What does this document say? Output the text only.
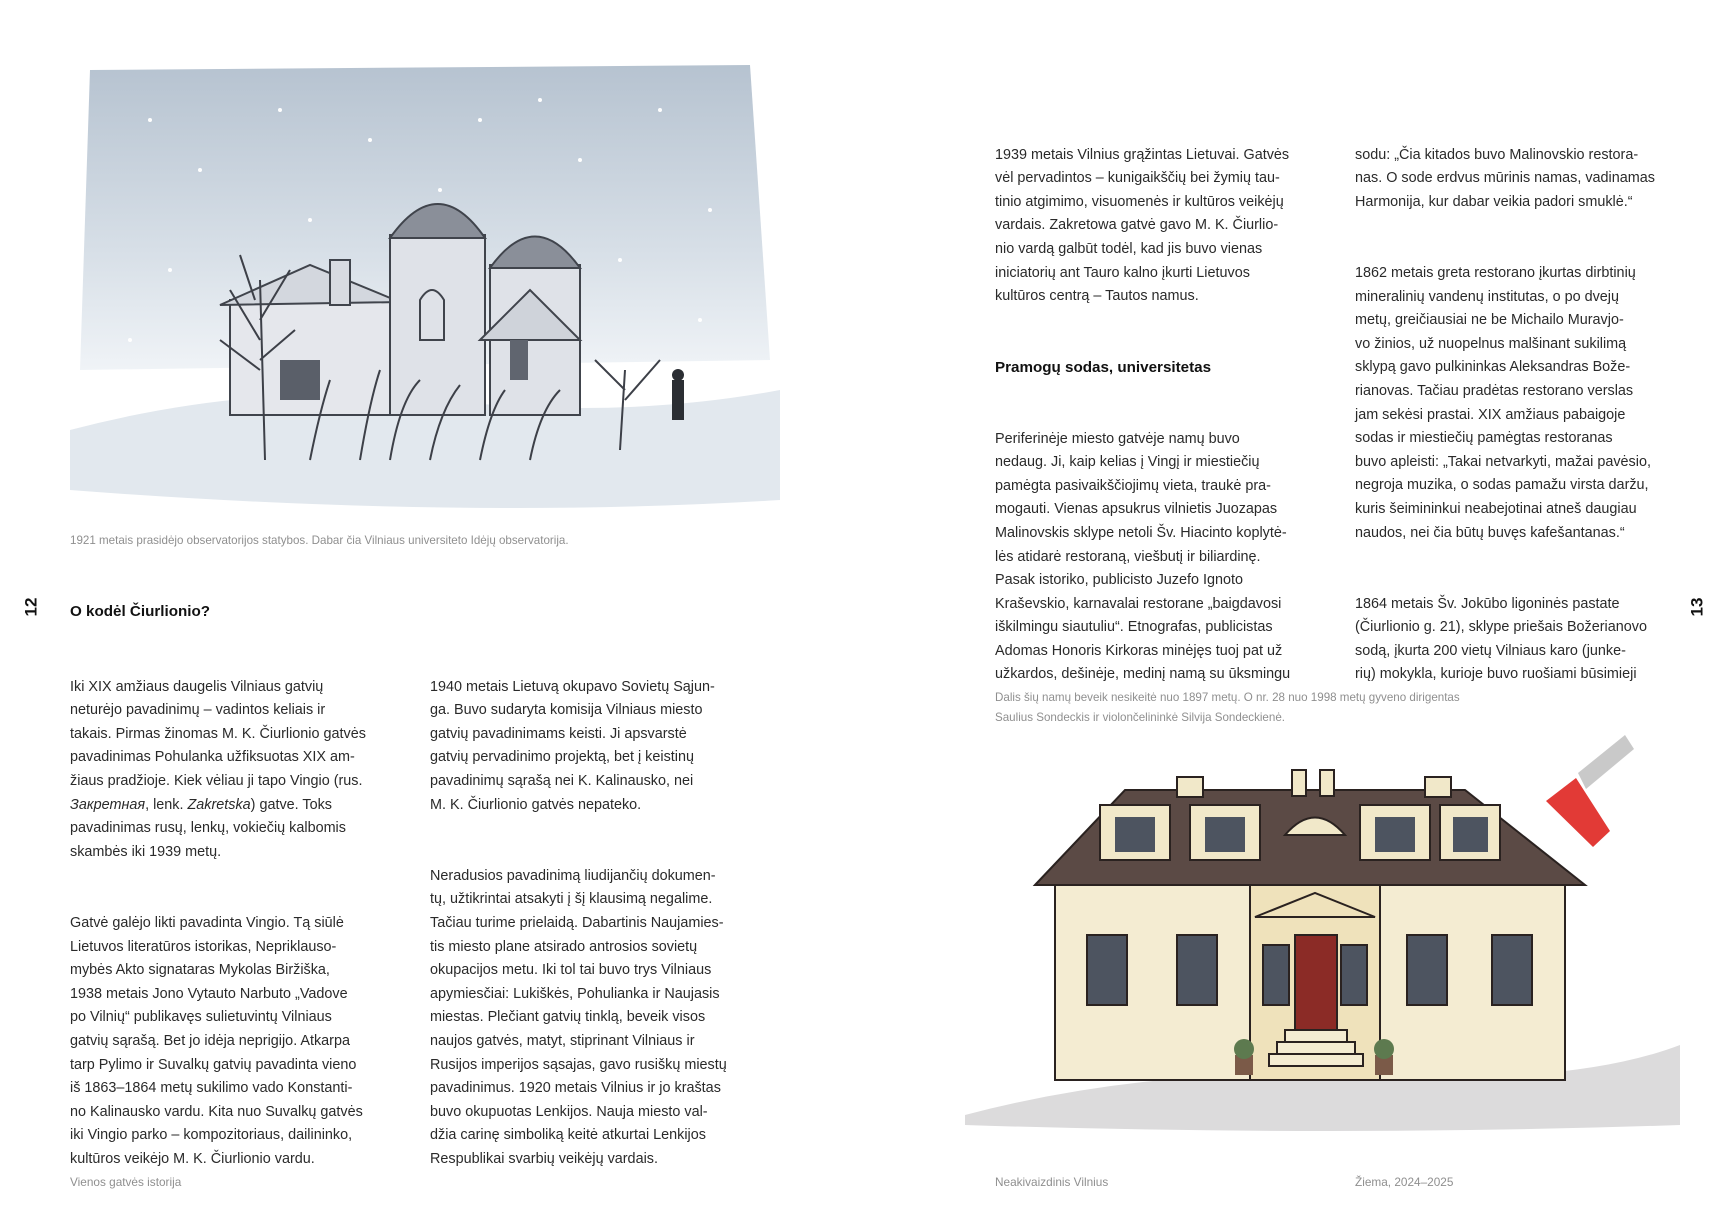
1921 metais prasidėjo observatorijos statybos. Dabar čia Vilniaus universiteto Idėjų observatorija.
12 O kodėl Čiurlionio?

Iki XIX amžiaus daugelis Vilniaus gatvių
neturėjo pavadinimų – vadintos keliais ir
takais. Pirmas žinomas M. K. Čiurlionio gatvės
pavadinimas Pohulanka užfiksuotas XIX am-
žiaus pradžioje. Kiek vėliau ji tapo Vingio (rus.
Закретная, lenk. Zakretska) gatve. Toks
pavadinimas rusų, lenkų, vokiečių kalbomis
skambės iki 1939 metų.

Gatvė galėjo likti pavadinta Vingio. Tą siūlė
Lietuvos literatūros istorikas, Nepriklauso-
mybės Akto signataras Mykolas Biržiška,
1938 metais Jono Vytauto Narbuto „Vadove
po Vilnių“ publikavęs sulietuvintų Vilniaus
gatvių sąrašą. Bet jo idėja neprigijo. Atkarpa
tarp Pylimo ir Suvalkų gatvių pavadinta vieno
iš 1863–1864 metų sukilimo vado Konstanti-
no Kalinausko vardu. Kita nuo Suvalkų gatvės
iki Vingio parko – kompozitoriaus, dailininko,
kultūros veikėjo M. K. Čiurlionio vardu.

1940 metais Lietuvą okupavo Sovietų Sąjun-
ga. Buvo sudaryta komisija Vilniaus miesto
gatvių pavadinimams keisti. Ji apsvarstė
gatvių pervadinimo projektą, bet į keistinų
pavadinimų sąrašą nei K. Kalinausko, nei
M. K. Čiurlionio gatvės nepateko.

Neradusios pavadinimą liudijančių dokumen-
tų, užtikrintai atsakyti į šį klausimą negalime.
Tačiau turime prielaidą. Dabartinis Naujamies-
tis miesto plane atsirado antrosios sovietų
okupacijos metu. Iki tol tai buvo trys Vilniaus
apymiesčiai: Lukiškės, Pohulianka ir Naujasis
miestas. Plečiant gatvių tinklą, beveik visos
naujos gatvės, matyt, stiprinant Vilniaus ir
Rusijos imperijos sąsajas, gavo rusiškų miestų
pavadinimus. 1920 metais Vilnius ir jo kraštas
buvo okupuotas Lenkijos. Nauja miesto val-
džia carinę simboliką keitė atkurtai Lenkijos
Respublikai svarbių veikėjų vardais.

Vienos gatvės istorija

1939 metais Vilnius grąžintas Lietuvai. Gatvės
vėl pervadintos – kunigaikščių bei žymių tau-
tinio atgimimo, visuomenės ir kultūros veikėjų
vardais. Zakretowa gatvė gavo M. K. Čiurlio-
nio vardą galbūt todėl, kad jis buvo vienas
iniciatorių ant Tauro kalno įkurti Lietuvos
kultūros centrą – Tautos namus.

Pramogų sodas, universitetas

Periferinėje miesto gatvėje namų buvo
nedaug. Ji, kaip kelias į Vingį ir miestiečių
pamėgta pasivaikščiojimų vieta, traukė pra-
mogauti. Vienas apsukrus vilnietis Juozapas
Malinovskis sklype netoli Šv. Hiacinto koplytė-
lės atidarė restoraną, viešbutį ir biliardinę.
Pasak istoriko, publicisto Juzefo Ignoto
Kraševskio, karnavalai restorane „baigdavosi
iškilmingu siautuliu“. Etnografas, publicistas
Adomas Honoris Kirkoras minėjęs tuoj pat už
užkardos, dešinėje, medinį namą su ūksmingu

sodu: „Čia kitados buvo Malinovskio restora-
nas. O sode erdvus mūrinis namas, vadinamas
Harmonija, kur dabar veikia padori smuklė.“

1862 metais greta restorano įkurtas dirbtinių
mineralinių vandenų institutas, o po dvejų
metų, greičiausiai ne be Michailo Muravjo-
vo žinios, už nuopelnus malšinant sukilimą
sklypą gavo pulkininkas Aleksandras Bože-
rianovas. Tačiau pradėtas restorano verslas
jam sekėsi prastai. XIX amžiaus pabaigoje
sodas ir miestiečių pamėgtas restoranas
buvo apleisti: „Takai netvarkyti, mažai pavėsio,
negroja muzika, o sodas pamažu virsta daržu,
kuris šeimininkui neabejotinai atneš daugiau
naudos, nei čia būtų buvęs kafešantanas.“

1864 metais Šv. Jokūbo ligoninės pastate
(Čiurlionio g. 21), sklype priešais Božerianovo
sodą, įkurta 200 vietų Vilniaus karo (junke-
rių) mokykla, kurioje buvo ruošiami būsimieji

13
Dalis šių namų beveik nesikeitė nuo 1897 metų. O nr. 28 nuo 1998 metų gyveno dirigentas
Saulius Sondeckis ir violončelininkė Silvija Sondeckienė.
Neakivaizdinis Vilnius	Žiema, 2024–2025
